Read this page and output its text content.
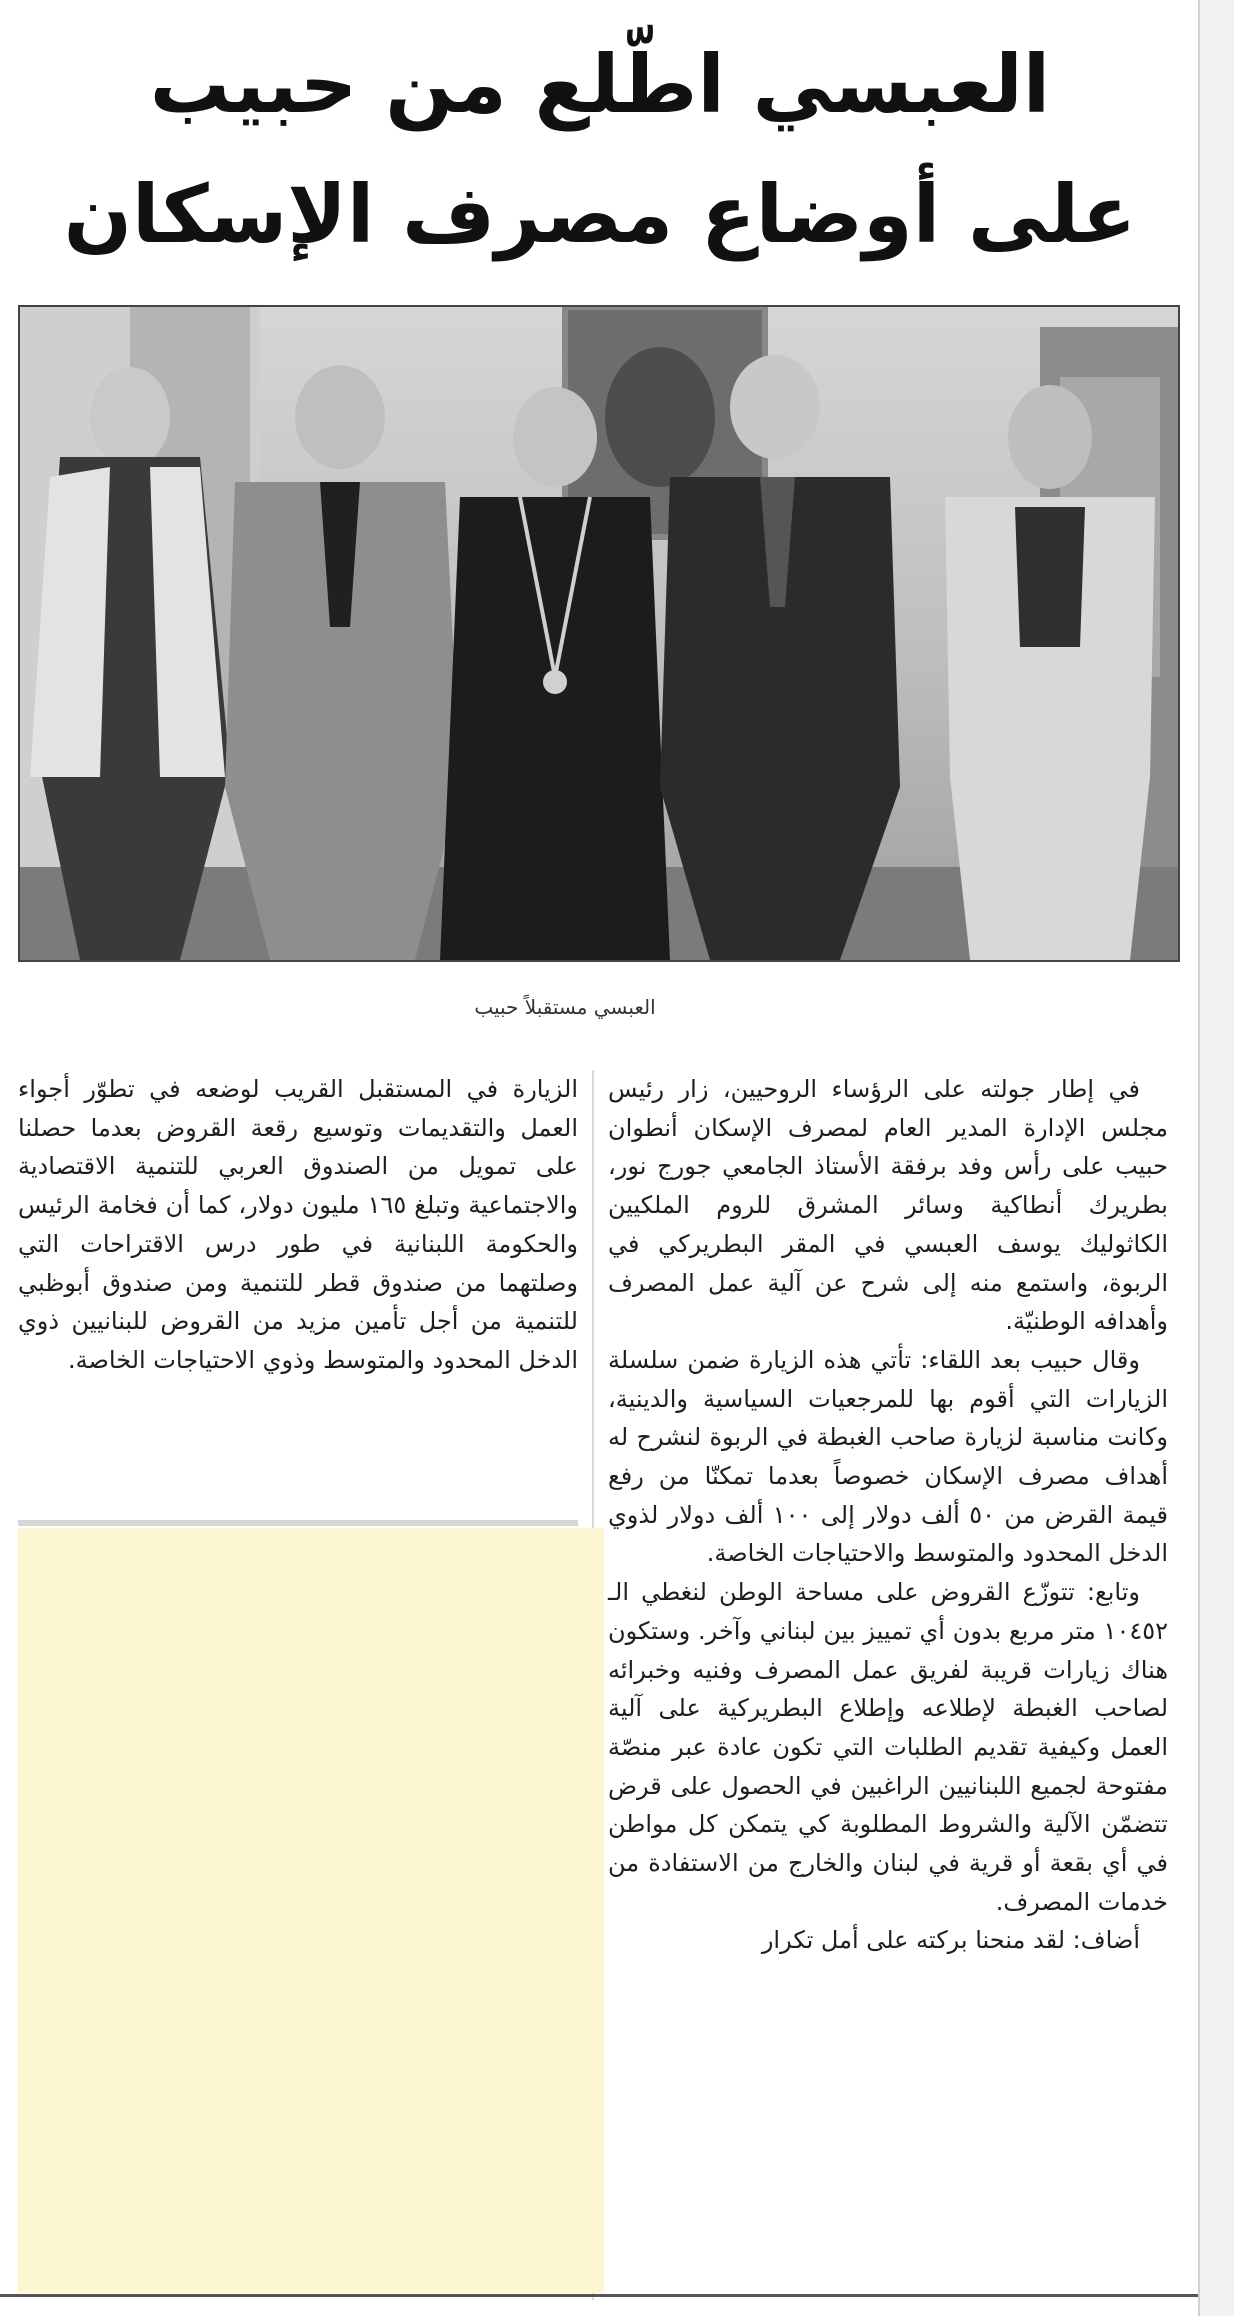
العبسي اطّلع من حبيب
على أوضاع مصرف الإسكان

العبسي مستقبلاً حبيب

في إطار جولته على الرؤساء الروحيين، زار رئيس مجلس الإدارة المدير العام لمصرف الإسكان أنطوان حبيب على رأس وفد برفقة الأستاذ الجامعي جورج نور، بطريرك أنطاكية وسائر المشرق للروم الملكيين الكاثوليك يوسف العبسي في المقر البطريركي في الربوة، واستمع منه إلى شرح عن آلية عمل المصرف وأهدافه الوطنيّة.

وقال حبيب بعد اللقاء: تأتي هذه الزيارة ضمن سلسلة الزيارات التي أقوم بها للمرجعيات السياسية والدينية، وكانت مناسبة لزيارة صاحب الغبطة في الربوة لنشرح له أهداف مصرف الإسكان خصوصاً بعدما تمكنّا من رفع قيمة القرض من ٥٠ ألف دولار إلى ١٠٠ ألف دولار لذوي الدخل المحدود والمتوسط والاحتياجات الخاصة.

وتابع: تتوزّع القروض على مساحة الوطن لنغطي الـ ١٠٤٥٢ متر مربع بدون أي تمييز بين لبناني وآخر. وستكون هناك زيارات قريبة لفريق عمل المصرف وفنيه وخبرائه لصاحب الغبطة لإطلاعه وإطلاع البطريركية على آلية العمل وكيفية تقديم الطلبات التي تكون عادة عبر منصّة مفتوحة لجميع اللبنانيين الراغبين في الحصول على قرض تتضمّن الآلية والشروط المطلوبة كي يتمكن كل مواطن في أي بقعة أو قرية في لبنان والخارج من الاستفادة من خدمات المصرف.

أضاف: لقد منحنا بركته على أمل تكرار

الزيارة في المستقبل القريب لوضعه في تطوّر أجواء العمل والتقديمات وتوسيع رقعة القروض بعدما حصلنا على تمويل من الصندوق العربي للتنمية الاقتصادية والاجتماعية وتبلغ ١٦٥ مليون دولار، كما أن فخامة الرئيس والحكومة اللبنانية في طور درس الاقتراحات التي وصلتهما من صندوق قطر للتنمية ومن صندوق أبوظبي للتنمية من أجل تأمين مزيد من القروض للبنانيين ذوي الدخل المحدود والمتوسط وذوي الاحتياجات الخاصة.
